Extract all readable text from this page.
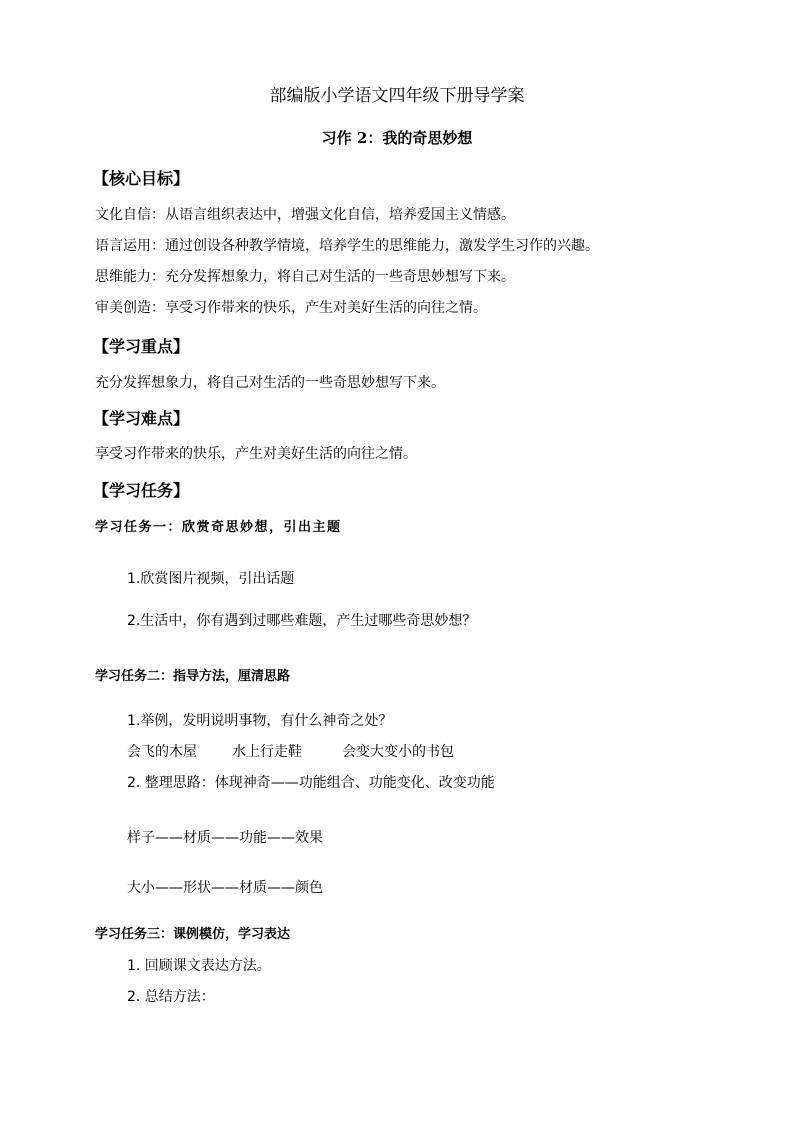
部编版小学语文四年级下册导学案
习作 2：我的奇思妙想
【核心目标】
文化自信：从语言组织表达中，增强文化自信，培养爱国主义情感。
语言运用：通过创设各种教学情境，培养学生的思维能力，激发学生习作的兴趣。
思维能力：充分发挥想象力，将自己对生活的一些奇思妙想写下来。
审美创造：享受习作带来的快乐，产生对美好生活的向往之情。
【学习重点】
充分发挥想象力，将自己对生活的一些奇思妙想写下来。
【学习难点】
享受习作带来的快乐，产生对美好生活的向往之情。
【学习任务】
学习任务一：欣赏奇思妙想，引出主题
1.欣赏图片视频，引出话题
2.生活中，你有遇到过哪些难题，产生过哪些奇思妙想？
学习任务二：指导方法，厘清思路
1.举例，发明说明事物，有什么神奇之处？
会飞的木屋	水上行走鞋	会变大变小的书包
2. 整理思路：体现神奇——功能组合、功能变化、改变功能
样子——材质——功能——效果
大小——形状——材质——颜色
学习任务三：课例模仿，学习表达
1. 回顾课文表达方法。
2. 总结方法：
